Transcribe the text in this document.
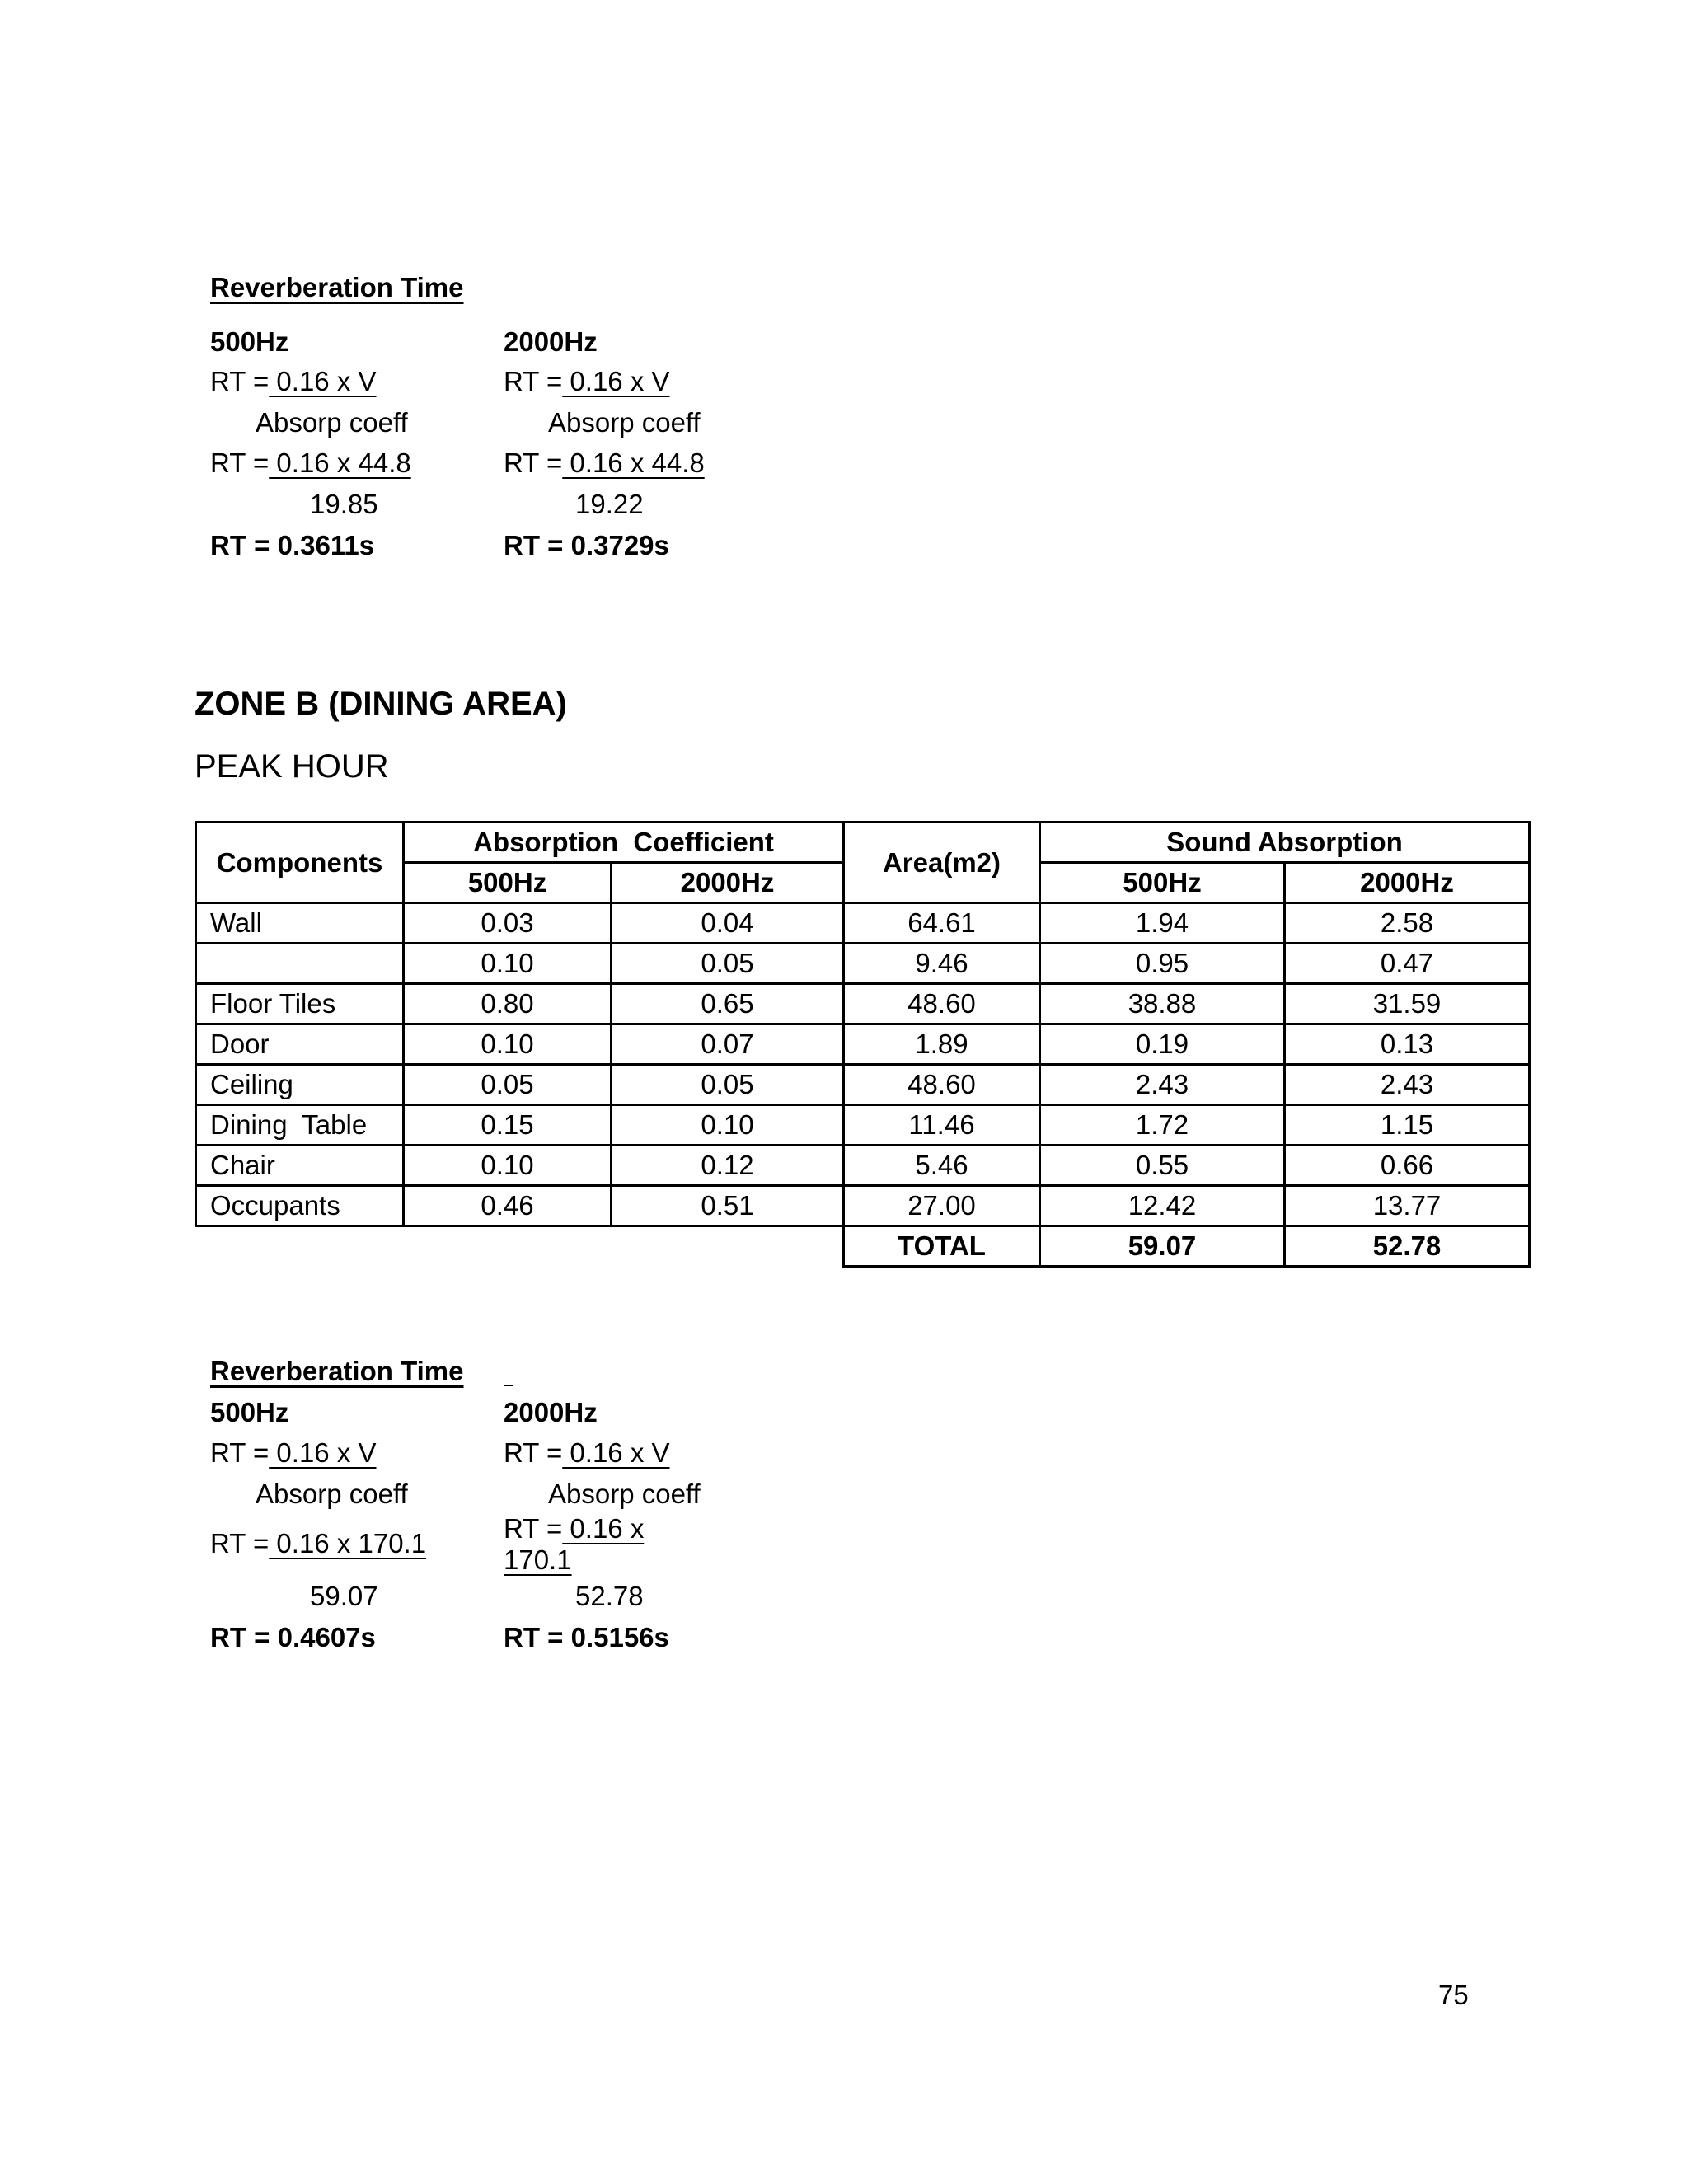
Reverberation Time
500Hz
RT = 0.16 x V
Absorp coeff
RT = 0.16 x 44.8
19.85
RT = 0.3611s
2000Hz
RT = 0.16 x V
Absorp coeff
RT = 0.16 x 44.8
19.22
RT = 0.3729s
ZONE B (DINING AREA)
PEAK HOUR
Components	Absorption  Coefficient		Area(m2)	Sound Absorption	
	500Hz	2000Hz		500Hz	2000Hz
Wall	0.03	0.04	64.61	1.94	2.58
	0.10	0.05	9.46	0.95	0.47
Floor Tiles	0.80	0.65	48.60	38.88	31.59
Door	0.10	0.07	1.89	0.19	0.13
Ceiling	0.05	0.05	48.60	2.43	2.43
Dining  Table	0.15	0.10	11.46	1.72	1.15
Chair	0.10	0.12	5.46	0.55	0.66
Occupants	0.46	0.51	27.00	12.42	13.77
			TOTAL	59.07	52.78
Reverberation Time
500Hz
RT = 0.16 x V
Absorp coeff
RT = 0.16 x 170.1
59.07
RT = 0.4607s
2000Hz
RT = 0.16 x V
Absorp coeff
RT = 0.16 x
170.1
52.78
RT = 0.5156s
75
